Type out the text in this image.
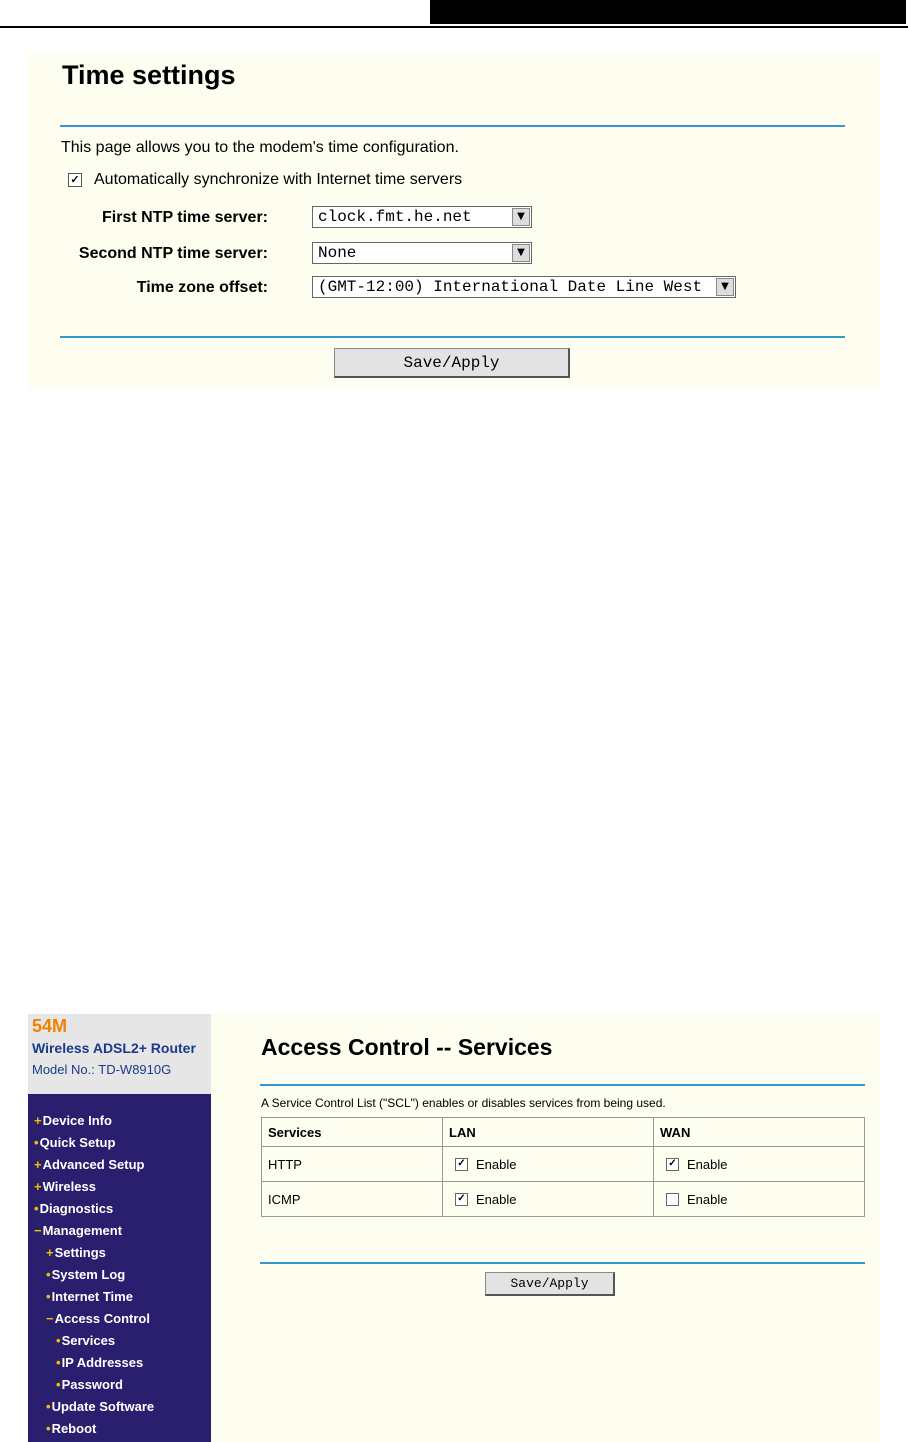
Time settings
This page allows you to the modem's time configuration.
✓ Automatically synchronize with Internet time servers
First NTP time server:	clock.fmt.he.net	▼
Second NTP time server:	None	▼
Time zone offset:	(GMT-12:00) International Date Line West	▼
Save/Apply
54M
Wireless ADSL2+ Router
Model No.: TD-W8910G
+Device Info
•Quick Setup
+Advanced Setup
+Wireless
•Diagnostics
−Management
+Settings
•System Log
•Internet Time
−Access Control
•Services
•IP Addresses
•Password
•Update Software
•Reboot
Access Control -- Services
A Service Control List ("SCL") enables or disables services from being used.
Services	LAN	WAN
HTTP	✓ Enable	✓ Enable

ICMP	✓ Enable	Enable
Save/Apply
